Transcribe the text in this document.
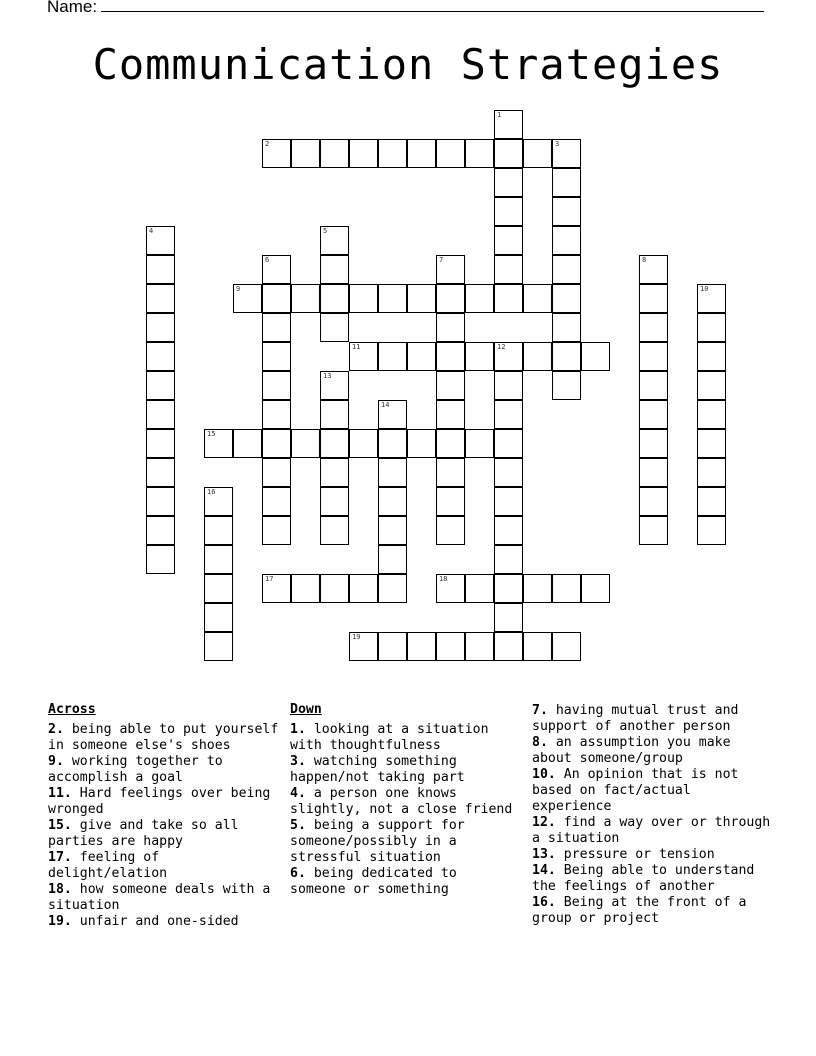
Name:
Communication Strategies
1
2	3
4	5
6	7	8
9	10
11	12
13
14
15
16
17	18
19
Across
2. being able to put yourself in someone else's shoes
9. working together to accomplish a goal
11. Hard feelings over being wronged
15. give and take so all parties are happy
17. feeling of delight/elation
18. how someone deals with a situation
19. unfair and one-sided
Down
1. looking at a situation with thoughtfulness
3. watching something happen/not taking part
4. a person one knows slightly, not a close friend
5. being a support for someone/possibly in a stressful situation
6. being dedicated to someone or something
7. having mutual trust and support of another person
8. an assumption you make about someone/group
10. An opinion that is not based on fact/actual experience
12. find a way over or through a situation
13. pressure or tension
14. Being able to understand the feelings of another
16. Being at the front of a group or project
